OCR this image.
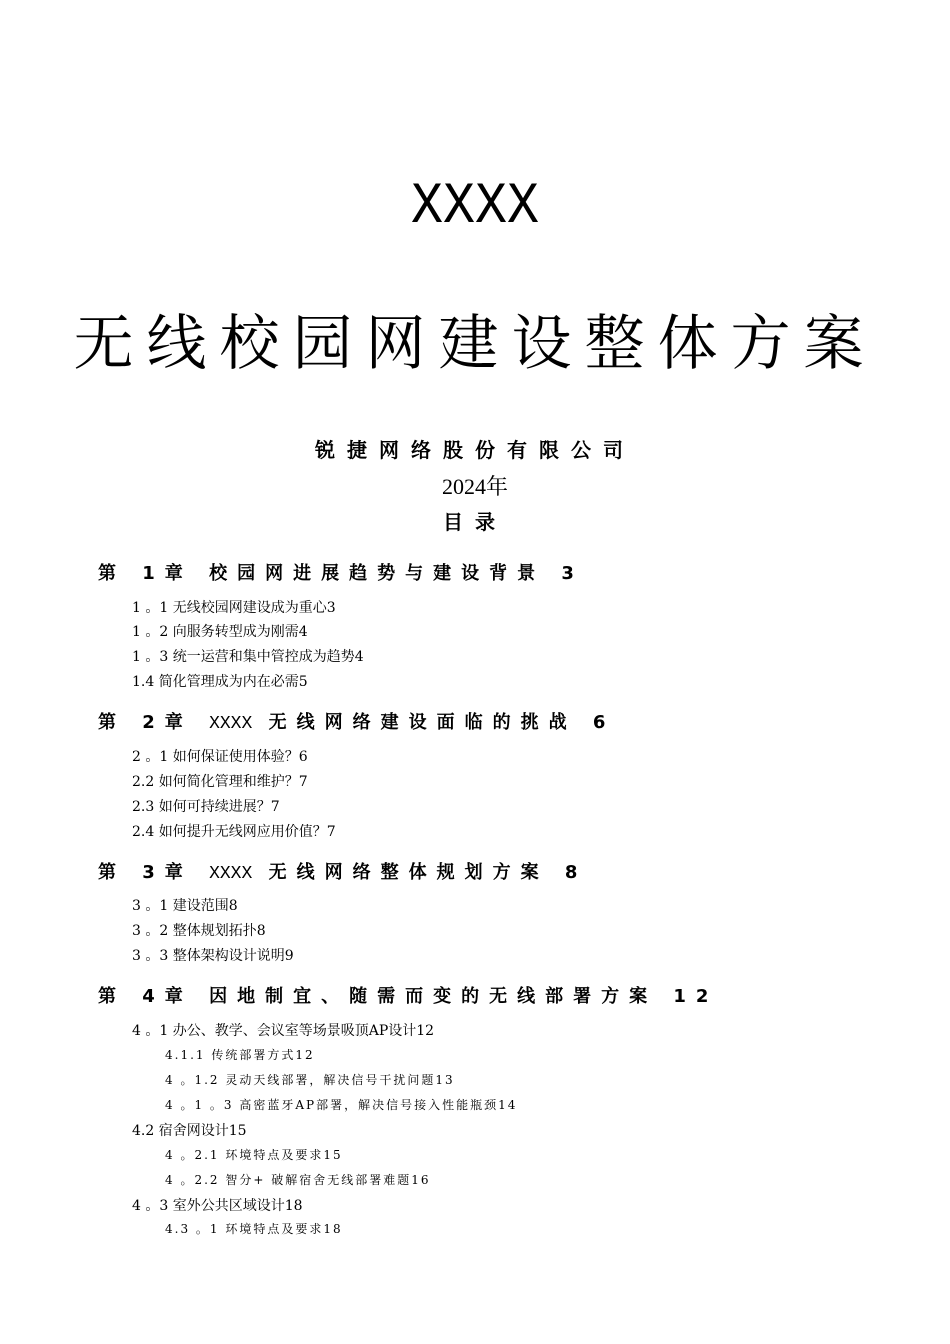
XXXX
无线校园网建设整体方案
锐捷网络股份有限公司
2024年
目录
第 1章 校园网进展趋势与建设背景 3
1 。1 无线校园网建设成为重心3
1 。2 向服务转型成为刚需4
1 。3 统一运营和集中管控成为趋势4
1.4 简化管理成为内在必需5
第 2章 XXXX 无线网络建设面临的挑战 6
2 。1 如何保证使用体验？6
2.2 如何简化管理和维护？7
2.3 如何可持续进展？7
2.4 如何提升无线网应用价值？7
第 3章 XXXX 无线网络整体规划方案 8
3 。1 建设范围8
3 。2 整体规划拓扑8
3 。3 整体架构设计说明9
第 4章 因地制宜、随需而变的无线部署方案 12
4 。1 办公、教学、会议室等场景吸顶AP设计12
4.1.1 传统部署方式12
4 。1.2 灵动天线部署，解决信号干扰问题13
4 。1 。3 高密蓝牙AP部署，解决信号接入性能瓶颈14
4.2 宿舍网设计15
4 。2.1 环境特点及要求15
4 。2.2 智分+ 破解宿舍无线部署难题16
4 。3 室外公共区域设计18
4.3 。1 环境特点及要求18
